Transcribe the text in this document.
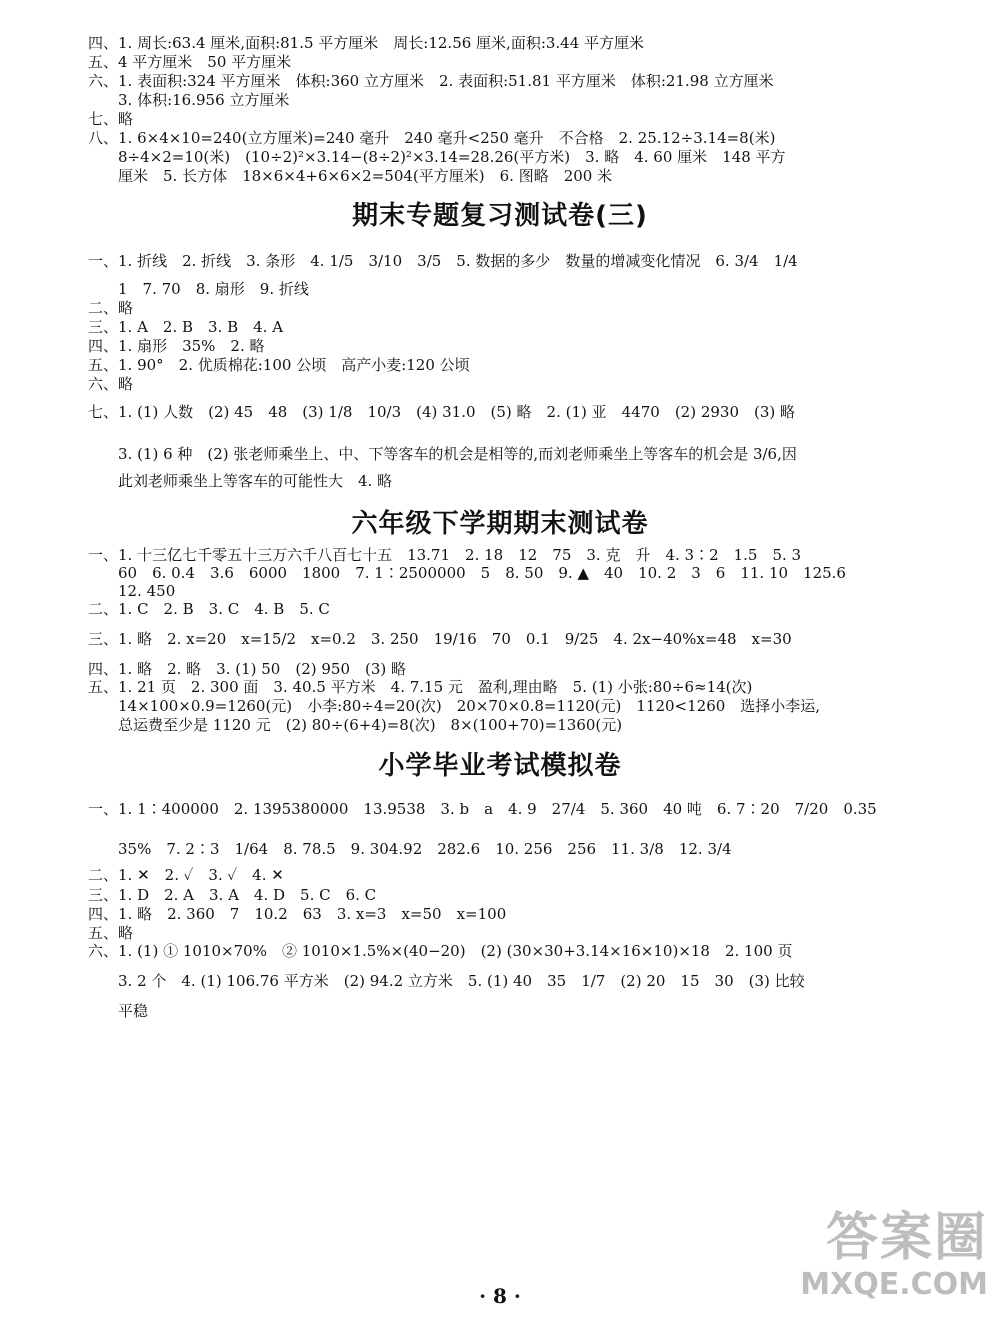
四、1. 周长:63.4 厘米,面积:81.5 平方厘米　周长:12.56 厘米,面积:3.44 平方厘米
五、4 平方厘米　50 平方厘米
六、1. 表面积:324 平方厘米　体积:360 立方厘米　2. 表面积:51.81 平方厘米　体积:21.98 立方厘米
　　3. 体积:16.956 立方厘米
七、略
八、1. 6×4×10=240(立方厘米)=240 毫升　240 毫升<250 毫升　不合格　2. 25.12÷3.14=8(米)
　　8÷4×2=10(米)　(10÷2)²×3.14−(8÷2)²×3.14=28.26(平方米)　3. 略　4. 60 厘米　148 平方
　　厘米　5. 长方体　18×6×4+6×6×2=504(平方厘米)　6. 图略　200 米
期末专题复习测试卷(三)
一、1. 折线　2. 折线　3. 条形　4. 1/5　3/10　3/5　5. 数据的多少　数量的增减变化情况　6. 3/4　1/4
　　1　7. 70　8. 扇形　9. 折线
二、略
三、1. A　2. B　3. B　4. A
四、1. 扇形　35%　2. 略
五、1. 90°　2. 优质棉花:100 公顷　高产小麦:120 公顷
六、略
七、1. (1) 人数　(2) 45　48　(3) 1/8　10/3　(4) 31.0　(5) 略　2. (1) 亚　4470　(2) 2930　(3) 略
　　3. (1) 6 种　(2) 张老师乘坐上、中、下等客车的机会是相等的,而刘老师乘坐上等客车的机会是 3/6,因
　　此刘老师乘坐上等客车的可能性大　4. 略
六年级下学期期末测试卷
一、1. 十三亿七千零五十三万六千八百七十五　13.71　2. 18　12　75　3. 克　升　4. 3∶2　1.5　5. 3
　　60　6. 0.4　3.6　6000　1800　7. 1∶2500000　5　8. 50　9. ▲　40　10. 2　3　6　11. 10　125.6
　　12. 450
二、1. C　2. B　3. C　4. B　5. C
三、1. 略　2. x=20　x=15/2　x=0.2　3. 250　19/16　70　0.1　9/25　4. 2x−40%x=48　x=30
四、1. 略　2. 略　3. (1) 50　(2) 950　(3) 略
五、1. 21 页　2. 300 面　3. 40.5 平方米　4. 7.15 元　盈利,理由略　5. (1) 小张:80÷6≈14(次)
　　14×100×0.9=1260(元)　小李:80÷4=20(次)　20×70×0.8=1120(元)　1120<1260　选择小李运,
　　总运费至少是 1120 元　(2) 80÷(6+4)=8(次)　8×(100+70)=1360(元)
小学毕业考试模拟卷
一、1. 1∶400000　2. 1395380000　13.9538　3. b　a　4. 9　27/4　5. 360　40 吨　6. 7∶20　7/20　0.35
　　35%　7. 2∶3　1/64　8. 78.5　9. 304.92　282.6　10. 256　256　11. 3/8　12. 3/4
二、1. ✕　2. ✓　3. ✓　4. ✕
三、1. D　2. A　3. A　4. D　5. C　6. C
四、1. 略　2. 360　7　10.2　63　3. x=3　x=50　x=100
五、略
六、1. (1) ① 1010×70%　② 1010×1.5%×(40−20)　(2) (30×30+3.14×16×10)×18　2. 100 页
　　3. 2 个　4. (1) 106.76 平方米　(2) 94.2 立方米　5. (1) 40　35　1/7　(2) 20　15　30　(3) 比较
　　平稳
· 8 ·
答案圈
MXQE.COM
